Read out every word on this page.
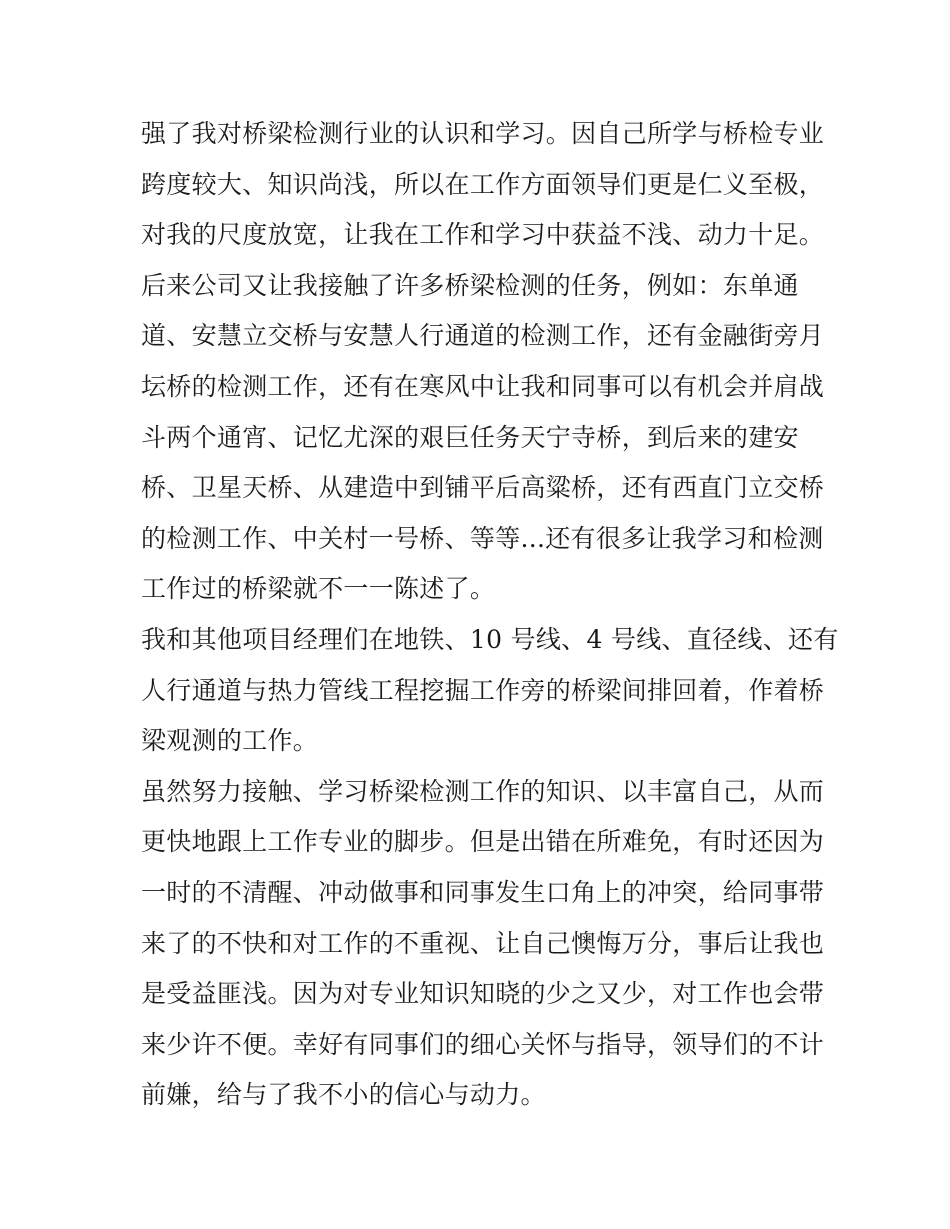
强了我对桥梁检测行业的认识和学习。因自己所学与桥检专业
跨度较大、知识尚浅，所以在工作方面领导们更是仁义至极，
对我的尺度放宽，让我在工作和学习中获益不浅、动力十足。
后来公司又让我接触了许多桥梁检测的任务，例如：东单通
道、安慧立交桥与安慧人行通道的检测工作，还有金融街旁月
坛桥的检测工作，还有在寒风中让我和同事可以有机会并肩战
斗两个通宵、记忆尤深的艰巨任务天宁寺桥，到后来的建安
桥、卫星天桥、从建造中到铺平后高粱桥，还有西直门立交桥
的检测工作、中关村一号桥、等等...还有很多让我学习和检测
工作过的桥梁就不一一陈述了。
我和其他项目经理们在地铁、10 号线、4 号线、直径线、还有
人行通道与热力管线工程挖掘工作旁的桥梁间排回着，作着桥
梁观测的工作。
虽然努力接触、学习桥梁检测工作的知识、以丰富自己，从而
更快地跟上工作专业的脚步。但是出错在所难免，有时还因为
一时的不清醒、冲动做事和同事发生口角上的冲突，给同事带
来了的不快和对工作的不重视、让自己懊悔万分，事后让我也
是受益匪浅。因为对专业知识知晓的少之又少，对工作也会带
来少许不便。幸好有同事们的细心关怀与指导，领导们的不计
前嫌，给与了我不小的信心与动力。
